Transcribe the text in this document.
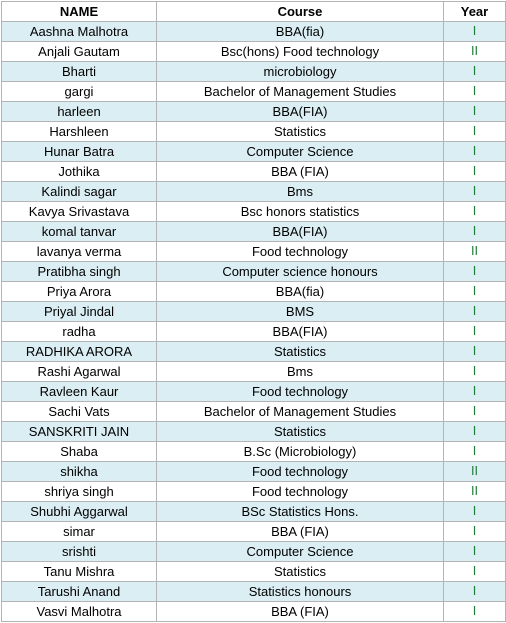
NAME	Course	Year
Aashna Malhotra	BBA(fia)	I
Anjali Gautam	Bsc(hons) Food technology	II
Bharti	microbiology	I
gargi	Bachelor of Management Studies	I
harleen	BBA(FIA)	I
Harshleen	Statistics	I
Hunar Batra	Computer Science	I
Jothika	BBA (FIA)	I
Kalindi sagar	Bms	I
Kavya Srivastava	Bsc honors statistics	I
komal tanvar	BBA(FIA)	I
lavanya verma	Food technology	II
Pratibha singh	Computer science honours	I
Priya Arora	BBA(fia)	I
Priyal Jindal	BMS	I
radha	BBA(FIA)	I
RADHIKA ARORA	Statistics	I
Rashi Agarwal	Bms	I
Ravleen Kaur	Food technology	I
Sachi Vats	Bachelor of Management Studies	I
SANSKRITI JAIN	Statistics	I
Shaba	B.Sc (Microbiology)	I
shikha	Food technology	II
shriya singh	Food technology	II
Shubhi Aggarwal	BSc Statistics Hons.	I
simar	BBA (FIA)	I
srishti	Computer Science	I
Tanu Mishra	Statistics	I
Tarushi Anand	Statistics honours	I
Vasvi Malhotra	BBA (FIA)	I
